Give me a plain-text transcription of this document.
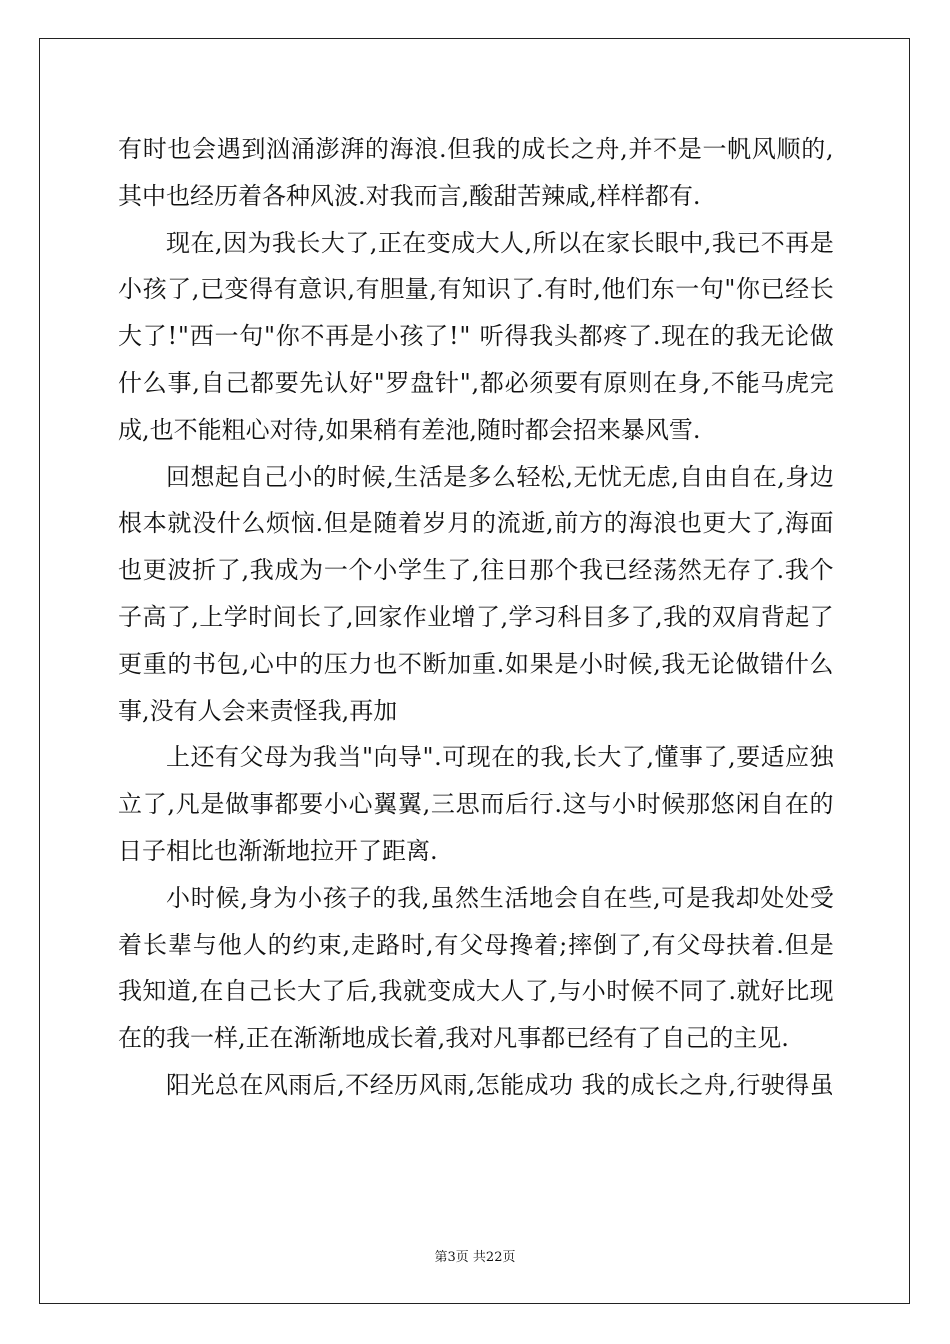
有 时 也 会 遇 到 汹 涌 澎 湃 的 海 浪 . 但 我 的 成 长 之 舟 , 并 不 是 一 帆 风 顺 的 ,
其中也经历着各种风波.对我而言,酸甜苦辣咸,样样都有.
现 在 , 因 为 我 长 大 了 , 正 在 变 成 大 人 , 所 以 在 家 长 眼 中 , 我 已 不 再 是
小 孩 了 , 已 变 得 有 意 识 , 有 胆 量 , 有 知 识 了 . 有 时 , 他 们 东 一 句 " 你 已 经 长
大 了 ! " 西 一 句 " 你 不 再 是 小 孩 了 ! "
听 得 我 头 都 疼 了 . 现 在 的 我 无 论 做
什 么 事 , 自 己 都 要 先 认 好 " 罗 盘 针 " , 都 必 须 要 有 原 则 在 身 , 不 能 马 虎 完
成,也不能粗心对待,如果稍有差池,随时都会招来暴风雪.
回 想 起 自 己 小 的 时 候 , 生 活 是 多 么 轻 松 , 无 忧 无 虑 , 自 由 自 在 , 身 边
根 本 就 没 什 么 烦 恼 . 但 是 随 着 岁 月 的 流 逝 , 前 方 的 海 浪 也 更 大 了 , 海 面
也 更 波 折 了 , 我 成 为 一 个 小 学 生 了 , 往 日 那 个 我 已 经 荡 然 无 存 了 . 我 个
子 高 了 , 上 学 时 间 长 了 , 回 家 作 业 增 了 , 学 习 科 目 多 了 , 我 的 双 肩 背 起 了
更 重 的 书 包 , 心 中 的 压 力 也 不 断 加 重 . 如 果 是 小 时 候 , 我 无 论 做 错 什 么
事,没有人会来责怪我,再加
上 还 有 父 母 为 我 当 " 向 导 " . 可 现 在 的 我 , 长 大 了 , 懂 事 了 , 要 适 应 独
立 了 , 凡 是 做 事 都 要 小 心 翼 翼 , 三 思 而 后 行 . 这 与 小 时 候 那 悠 闲 自 在 的
日子相比也渐渐地拉开了距离.
小 时 候 , 身 为 小 孩 子 的 我 , 虽 然 生 活 地 会 自 在 些 , 可 是 我 却 处 处 受
着 长 辈 与 他 人 的 约 束 , 走 路 时 , 有 父 母 搀 着 ; 摔 倒 了 , 有 父 母 扶 着 . 但 是
我 知 道 , 在 自 己 长 大 了 后 , 我 就 变 成 大 人 了 , 与 小 时 候 不 同 了 . 就 好 比 现
在的我一样,正在渐渐地成长着,我对凡事都已经有了自己的主见.
阳 光 总 在 风 雨 后 , 不 经 历 风 雨 , 怎 能 成 功
我 的 成 长 之 舟 , 行 驶 得 虽
第3页 共22页
